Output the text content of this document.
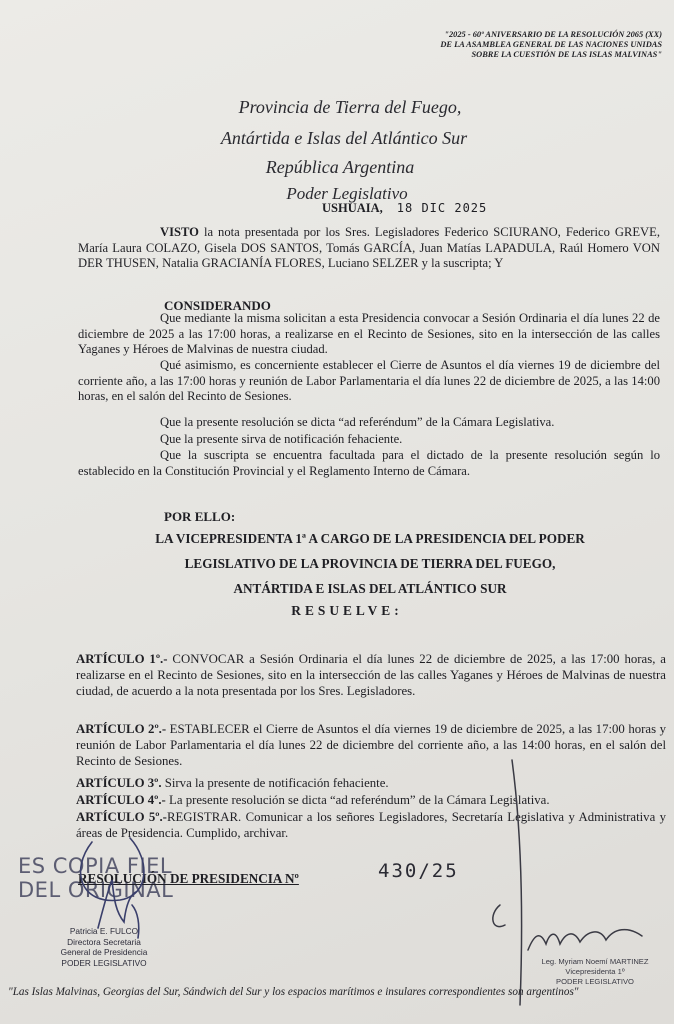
"2025 - 60º ANIVERSARIO DE LA RESOLUCIÓN 2065 (XX)
DE LA ASAMBLEA GENERAL DE LAS NACIONES UNIDAS
SOBRE LA CUESTIÓN DE LAS ISLAS MALVINAS"
Provincia de Tierra del Fuego,
Antártida e Islas del Atlántico Sur
República Argentina
Poder Legislativo
USHUAIA, 18 DIC 2025
VISTO la nota presentada por los Sres. Legisladores Federico SCIURANO, Federico GREVE, María Laura COLAZO, Gisela DOS SANTOS, Tomás GARCÍA, Juan Matías LAPADULA, Raúl Homero VON DER THUSEN, Natalia GRACIANÍA FLORES, Luciano SELZER y la suscripta; Y
CONSIDERANDO
Que mediante la misma solicitan a esta Presidencia convocar a Sesión Ordinaria el día lunes 22 de diciembre de 2025 a las 17:00 horas, a realizarse en el Recinto de Sesiones, sito en la intersección de las calles Yaganes y Héroes de Malvinas de nuestra ciudad.
Qué asimismo, es concerniente establecer el Cierre de Asuntos el día viernes 19 de diciembre del corriente año, a las 17:00 horas y reunión de Labor Parlamentaria el día lunes 22 de diciembre de 2025, a las 14:00 horas, en el salón del Recinto de Sesiones.
Que la presente resolución se dicta “ad referéndum” de la Cámara Legislativa.
Que la presente sirva de notificación fehaciente.
Que la suscripta se encuentra facultada para el dictado de la presente resolución según lo establecido en la Constitución Provincial y el Reglamento Interno de Cámara.
POR ELLO:
LA VICEPRESIDENTA 1ª A CARGO DE LA PRESIDENCIA DEL PODER
LEGISLATIVO DE LA PROVINCIA DE TIERRA DEL FUEGO,
ANTÁRTIDA E ISLAS DEL ATLÁNTICO SUR
RESUELVE:
ARTÍCULO 1º.- CONVOCAR a Sesión Ordinaria el día lunes 22 de diciembre de 2025, a las 17:00 horas, a realizarse en el Recinto de Sesiones, sito en la intersección de las calles Yaganes y Héroes de Malvinas de nuestra ciudad, de acuerdo a la nota presentada por los Sres. Legisladores.
ARTÍCULO 2º.- ESTABLECER el Cierre de Asuntos el día viernes 19 de diciembre de 2025, a las 17:00 horas y reunión de Labor Parlamentaria el día lunes 22 de diciembre del corriente año, a las 14:00 horas, en el salón del Recinto de Sesiones.
ARTÍCULO 3º. Sirva la presente de notificación fehaciente.
ARTÍCULO 4º.- La presente resolución se dicta “ad referéndum” de la Cámara Legislativa.
ARTÍCULO 5º.-REGISTRAR. Comunicar a los señores Legisladores, Secretaría Legislativa y Administrativa y áreas de Presidencia. Cumplido, archivar.
ES COPIA FIEL
DEL ORIGINAL
RESOLUCIÓN DE PRESIDENCIA Nº	430/25
Patricia E. FULCO
Directora Secretaria
General de Presidencia
PODER LEGISLATIVO	Leg. Myriam Noemí MARTINEZ
Vicepresidenta 1º
PODER LEGISLATIVO
"Las Islas Malvinas, Georgias del Sur, Sándwich del Sur y los espacios marítimos e insulares correspondientes son argentinos"
